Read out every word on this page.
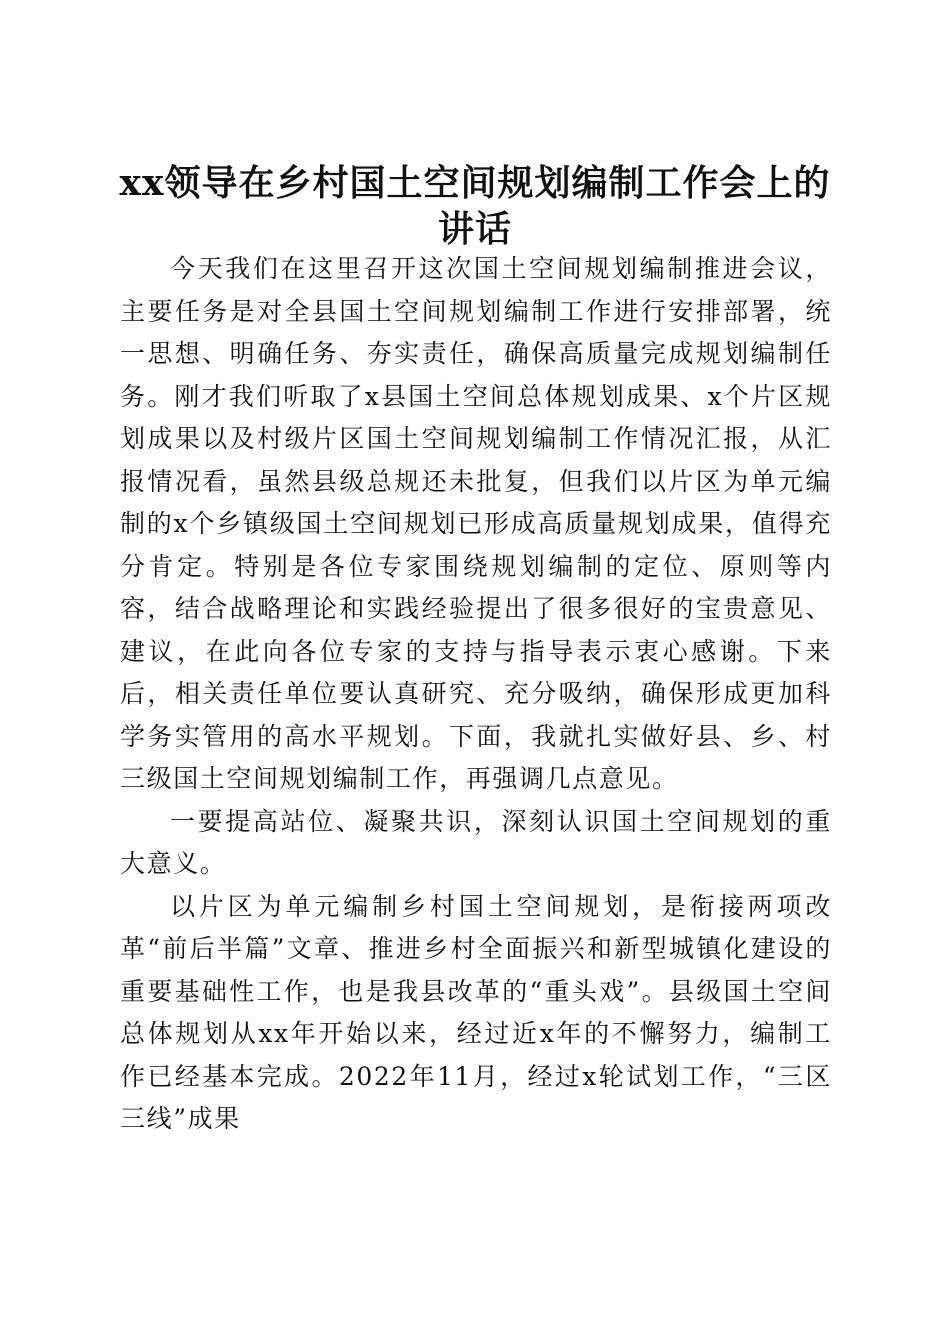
xx领导在乡村国土空间规划编制工作会上的讲话

今天我们在这里召开这次国土空间规划编制推进会议，主要任务是对全县国土空间规划编制工作进行安排部署，统一思想、明确任务、夯实责任，确保高质量完成规划编制任务。刚才我们听取了x县国土空间总体规划成果、x个片区规划成果以及村级片区国土空间规划编制工作情况汇报，从汇报情况看，虽然县级总规还未批复，但我们以片区为单元编制的x个乡镇级国土空间规划已形成高质量规划成果，值得充分肯定。特别是各位专家围绕规划编制的定位、原则等内容，结合战略理论和实践经验提出了很多很好的宝贵意见、建议，在此向各位专家的支持与指导表示衷心感谢。下来后，相关责任单位要认真研究、充分吸纳，确保形成更加科学务实管用的高水平规划。下面，我就扎实做好县、乡、村三级国土空间规划编制工作，再强调几点意见。

一要提高站位、凝聚共识，深刻认识国土空间规划的重大意义。

以片区为单元编制乡村国土空间规划，是衔接两项改革“前后半篇”文章、推进乡村全面振兴和新型城镇化建设的重要基础性工作，也是我县改革的“重头戏”。县级国土空间总体规划从xx年开始以来，经过近x年的不懈努力，编制工作已经基本完成。2022年11月，经过x轮试划工作，“三区三线”成果
